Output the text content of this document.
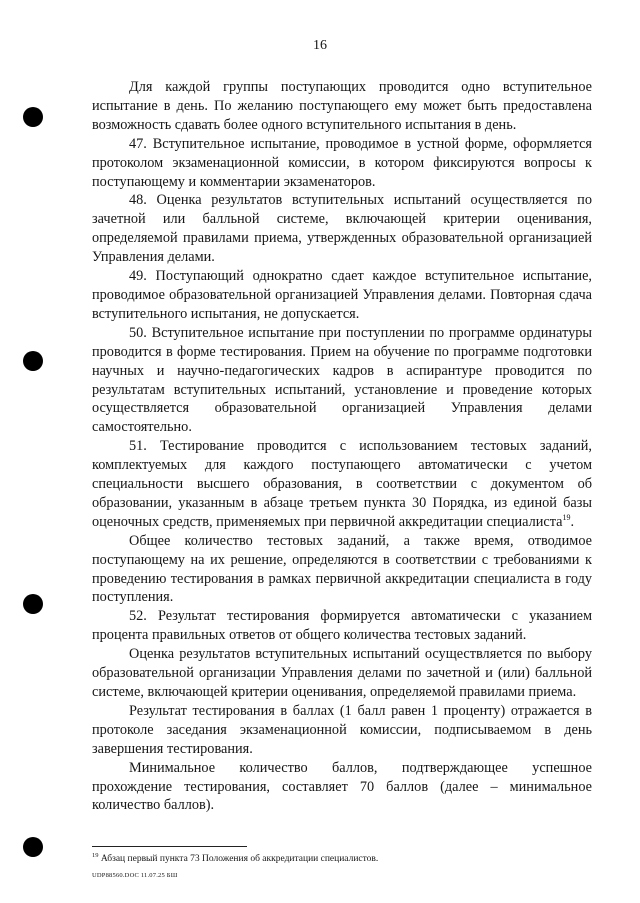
16

Для каждой группы поступающих проводится одно вступительное испытание в день. По желанию поступающего ему может быть предоставлена возможность сдавать более одного вступительного испытания в день.

47. Вступительное испытание, проводимое в устной форме, оформляется протоколом экзаменационной комиссии, в котором фиксируются вопросы к поступающему и комментарии экзаменаторов.

48. Оценка результатов вступительных испытаний осуществляется по зачетной или балльной системе, включающей критерии оценивания, определяемой правилами приема, утвержденных образовательной организацией Управления делами.

49. Поступающий однократно сдает каждое вступительное испытание, проводимое образовательной организацией Управления делами. Повторная сдача вступительного испытания, не допускается.

50. Вступительное испытание при поступлении по программе ординатуры проводится в форме тестирования. Прием на обучение по программе подготовки научных и научно-педагогических кадров в аспирантуре проводится по результатам вступительных испытаний, установление и проведение которых осуществляется образовательной организацией Управления делами самостоятельно.

51. Тестирование проводится с использованием тестовых заданий, комплектуемых для каждого поступающего автоматически с учетом специальности высшего образования, в соответствии с документом об образовании, указанным в абзаце третьем пункта 30 Порядка, из единой базы оценочных средств, применяемых при первичной аккредитации специалиста$^{19}$.

Общее количество тестовых заданий, а также время, отводимое поступающему на их решение, определяются в соответствии с требованиями к проведению тестирования в рамках первичной аккредитации специалиста в году поступления.

52. Результат тестирования формируется автоматически с указанием процента правильных ответов от общего количества тестовых заданий.

Оценка результатов вступительных испытаний осуществляется по выбору образовательной организации Управления делами по зачетной и (или) балльной системе, включающей критерии оценивания, определяемой правилами приема.

Результат тестирования в баллах (1 балл равен 1 проценту) отражается в протоколе заседания экзаменационной комиссии, подписываемом в день завершения тестирования.

Минимальное количество баллов, подтверждающее успешное прохождение тестирования, составляет 70 баллов (далее – минимальное количество баллов).

$^{19}$ Абзац первый пункта 73 Положения об аккредитации специалистов.
UDP88560.DOC 11.07.25 БШ
